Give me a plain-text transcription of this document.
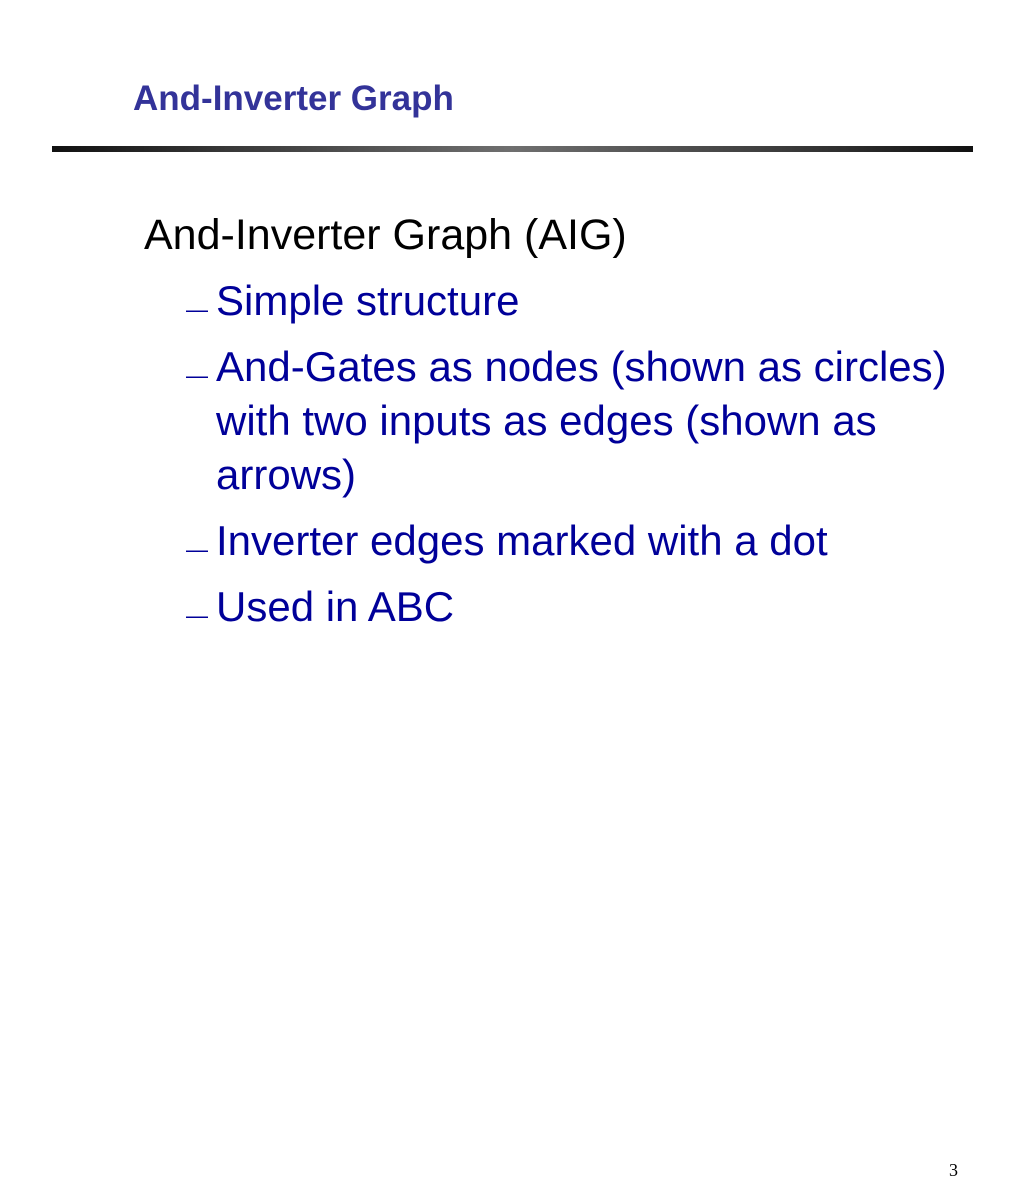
And-Inverter Graph
And-Inverter Graph (AIG)
— Simple structure
— And-Gates as nodes (shown as circles) with two inputs as edges (shown as arrows)
— Inverter edges marked with a dot
— Used in ABC
3
